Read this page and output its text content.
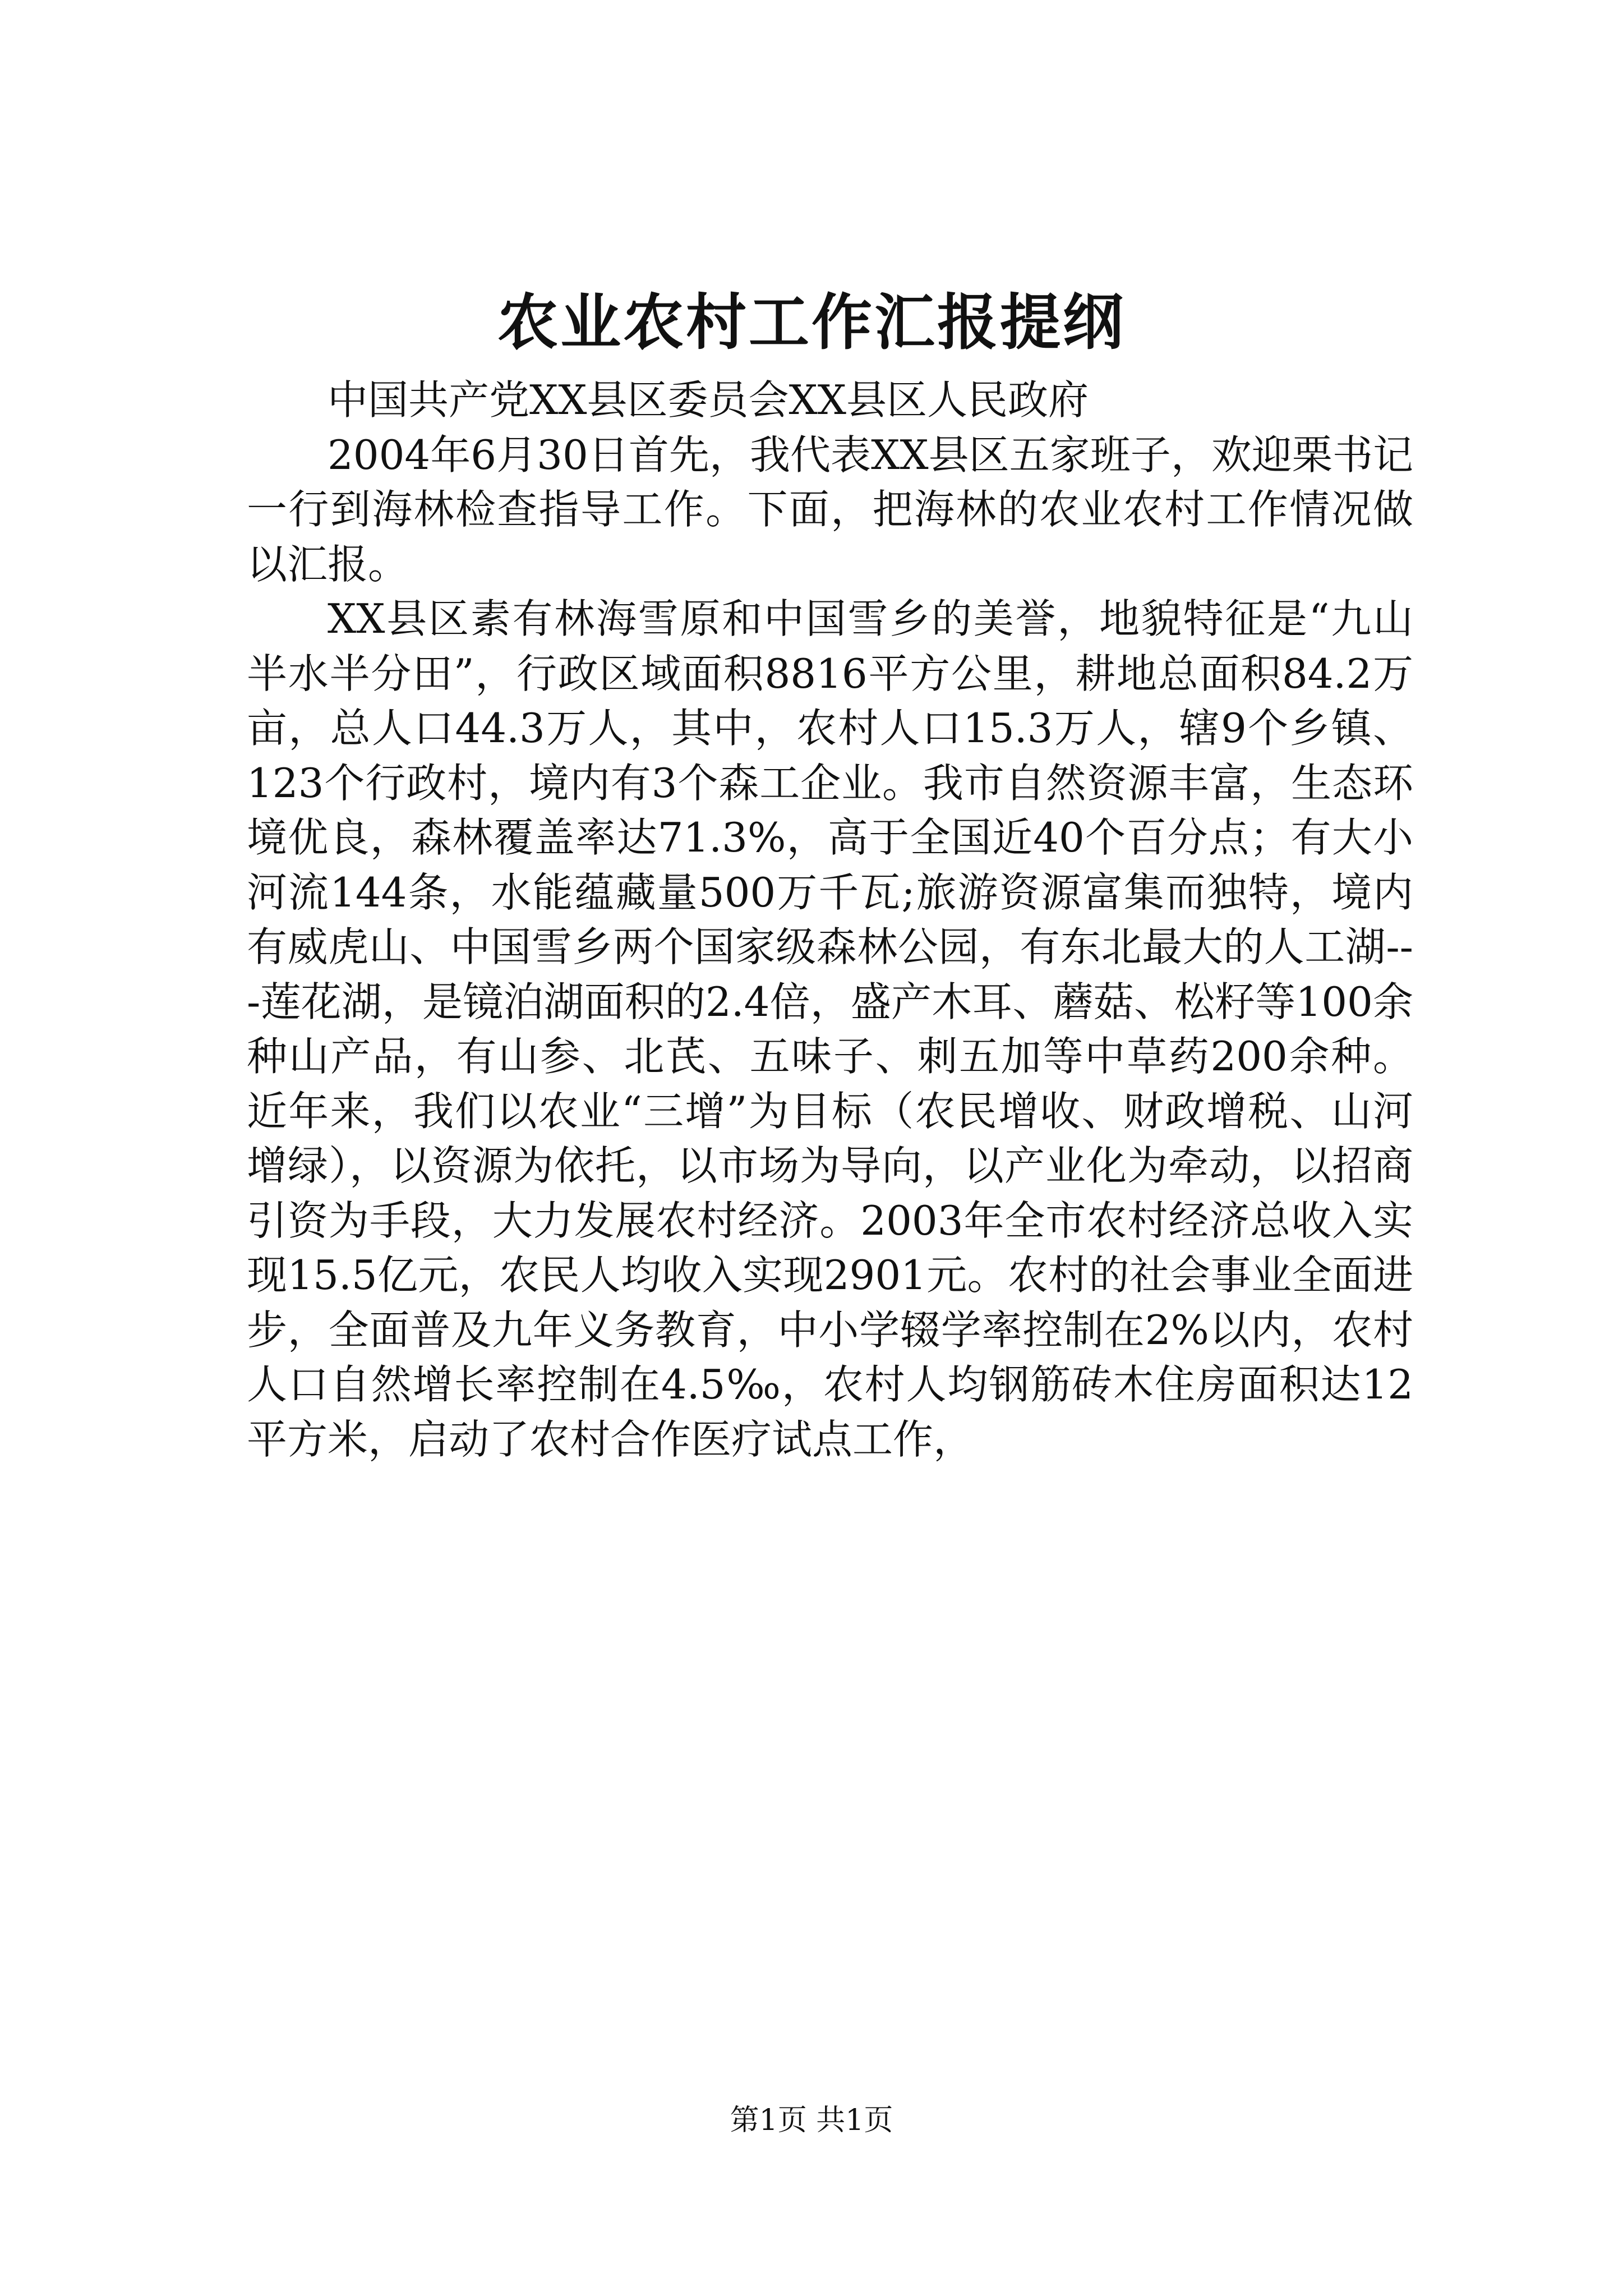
农业农村工作汇报提纲

中国共产党XX县区委员会XX县区人民政府

2004年6月30日首先，我代表XX县区五家班子，欢迎栗书记一行到海林检查指导工作。下面，把海林的农业农村工作情况做以汇报。

XX县区素有林海雪原和中国雪乡的美誉，地貌特征是“九山半水半分田”，行政区域面积8816平方公里，耕地总面积84.2万亩，总人口44.3万人，其中，农村人口15.3万人，辖9个乡镇、123个行政村，境内有3个森工企业。我市自然资源丰富，生态环境优良，森林覆盖率达71.3%，高于全国近40个百分点；有大小河流144条，水能蕴藏量500万千瓦;旅游资源富集而独特，境内有威虎山、中国雪乡两个国家级森林公园，有东北最大的人工湖---莲花湖，是镜泊湖面积的2.4倍，盛产木耳、蘑菇、松籽等100余种山产品，有山参、北芪、五味子、刺五加等中草药200余种。近年来，我们以农业“三增”为目标（农民增收、财政增税、山河增绿），以资源为依托，以市场为导向，以产业化为牵动，以招商引资为手段，大力发展农村经济。2003年全市农村经济总收入实现15.5亿元，农民人均收入实现2901元。农村的社会事业全面进步，全面普及九年义务教育，中小学辍学率控制在2%以内，农村人口自然增长率控制在4.5‰，农村人均钢筋砖木住房面积达12平方米，启动了农村合作医疗试点工作，

第1页 共1页
